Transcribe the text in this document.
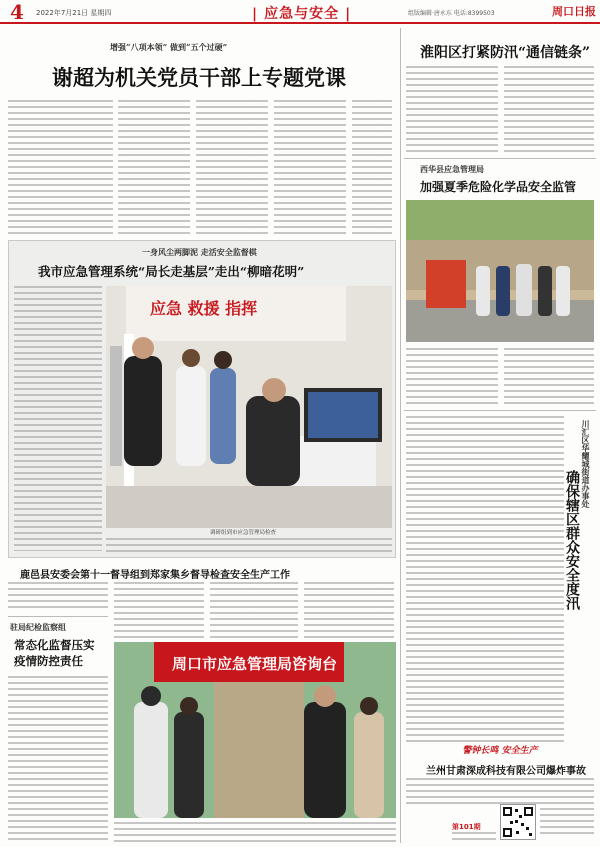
4 2022年7月21日 星期四
|	应急与安全 |	组版编辑·唐永东 电话:8399503	周口日报
增强“八项本领” 做到“五个过硬”
谢超为机关党员干部上专题党课
一身风尘两脚泥 走活安全监督棋
我市应急管理系统“局长走基层”走出“柳暗花明”
应急 救援 指挥
调研组到市应急管理局检查
鹿邑县安委会第十一督导组到郑家集乡督导检查安全生产工作
驻局纪检监察组
常态化监督压实
疫情防控责任	周口市应急管理局咨询台
淮阳区打紧防汛“通信链条”
西华县应急管理局
加强夏季危险化学品安全监管
川汇区华耀城街道办事处
确保辖区群众安全度汛
警钟长鸣 安全生产
兰州甘肃深成科技有限公司爆炸事故
第101期
